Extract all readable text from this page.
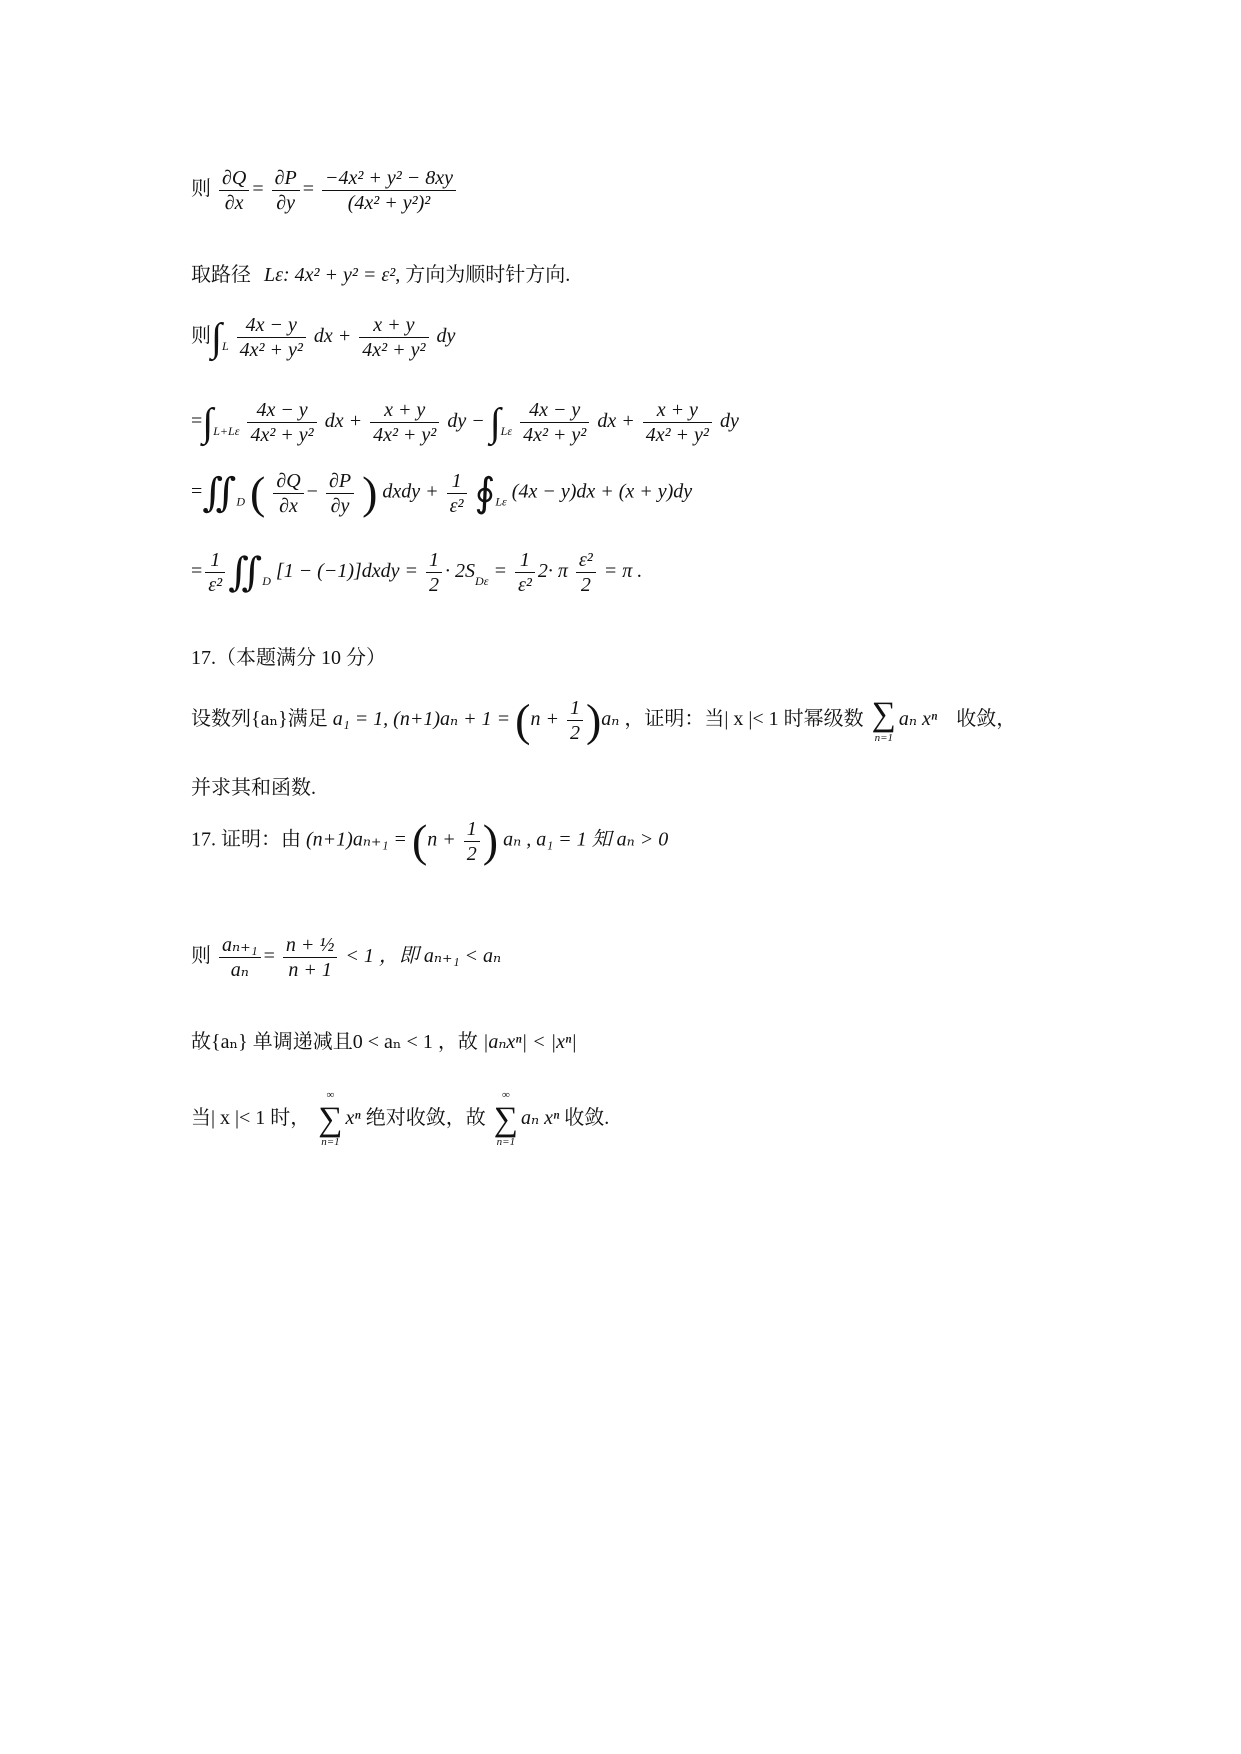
则 $\frac{\partial Q}{\partial x} = \frac{\partial P}{\partial y} = \frac{\text{−4x² + y² − 8xy}}{\text{(4x² + y²)²}}$
取路径 Lε: 4x² + y² = ε², 方向为顺时针方向.
则$\int_L \frac{4x - y}{\text{4x² + y²}}$ dx + $\frac{x + y}{\text{4x² + y²}}$ dy
$=\int_{L+L\varepsilon} \frac{4x - y}{\text{4x² + y²}}$ dx + $\frac{x + y}{\text{4x² + y²}}$ dy − $\int_{L\varepsilon} \frac{4x - y}{\text{4x² + y²}}$ dx + $\frac{x + y}{\text{4x² + y²}}$ dy
$=∬_D$ ( $\frac{\partial Q}{\partial x} - \frac{\partial P}{\partial y}$ ) dxdy + $\frac{1}{\text{ε²}}$ $∮_{L\varepsilon}$ (4x − y)dx + (x + y)dy
= $\frac{1}{\text{ε²}}$ $∬_D$ [1 − (−1)]dxdy = $\frac{1}{2} \cdot 2S_{D\varepsilon} = \frac{1}{\text{ε²}} 2\cdot \pi \frac{\text{ε²}}{2} = \pi$ .
17.（本题满分 10 分）
设数列{aₙ}满足 a₁ = 1, $(n+1)a_n + 1 = (n + \frac{1}{2} )a_n$ ，证明：当| x |< 1 时幂级数 ∑
n=1
aₙ xⁿ 收敛，
并求其和函数.
17. 证明：由 $(n+1)a_{n+1} = (n + \frac{1}{2}$ ) aₙ , a₁ = 1 知 aₙ > 0
则 $\frac{\text{aₙ₊₁}}{\text{aₙ}} = \frac{\text{n + ½}}{n + 1} < 1$ ，即 aₙ₊₁ < aₙ
故{aₙ} 单调递减且0 < aₙ < 1 ，故 |aₙxⁿ| < |xⁿ|
当| x |< 1 时，
∞
∑
n=1
xⁿ 绝对收敛，故
∞
∑
n=1
aₙ xⁿ 收敛.
